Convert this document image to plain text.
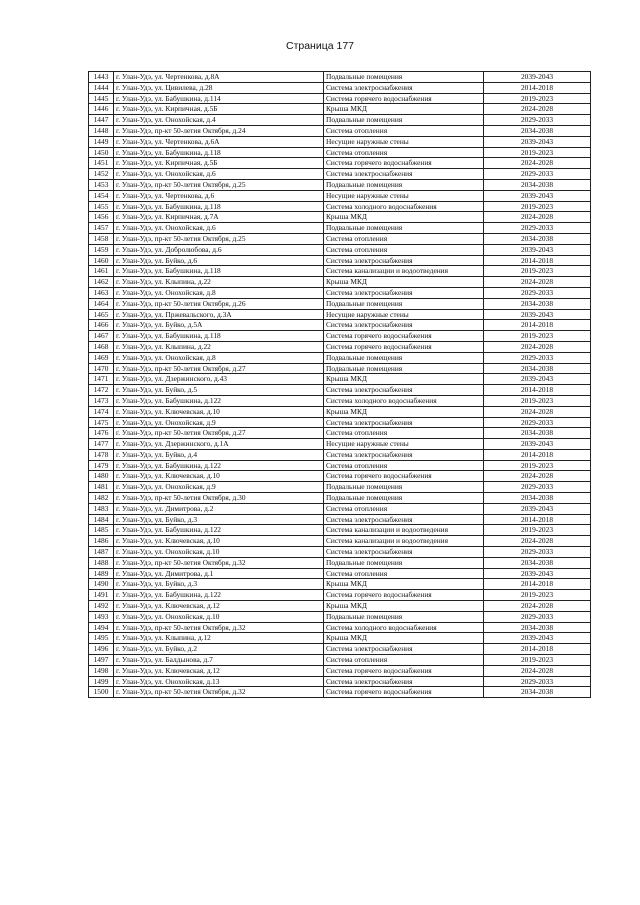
Страница 177
1443	г. Улан-Удэ, ул. Чертенкова, д.8А	Подвальные помещения	2039-2043
1444	г. Улан-Удэ, ул. Цивилева, д.28	Система электроснабжения	2014-2018
1445	г. Улан-Удэ, ул. Бабушкина, д.114	Система горячего водоснабжения	2019-2023
1446	г. Улан-Удэ, ул. Кирпичная, д.5Б	Крыша МКД	2024-2028
1447	г. Улан-Удэ, ул. Онохойская, д.4	Подвальные помещения	2029-2033
1448	г. Улан-Удэ, пр-кт 50-летия Октября, д.24	Система отопления	2034-2038
1449	г. Улан-Удэ, ул. Чертенкова, д.6А	Несущие наружные стены	2039-2043
1450	г. Улан-Удэ, ул. Бабушкина, д.118	Система отопления	2019-2023
1451	г. Улан-Удэ, ул. Кирпичная, д.5Б	Система горячего водоснабжения	2024-2028
1452	г. Улан-Удэ, ул. Онохойская, д.6	Система электроснабжения	2029-2033
1453	г. Улан-Удэ, пр-кт 50-летия Октября, д.25	Подвальные помещения	2034-2038
1454	г. Улан-Удэ, ул. Чертенкова, д.6	Несущие наружные стены	2039-2043
1455	г. Улан-Удэ, ул. Бабушкина, д.118	Система холодного водоснабжения	2019-2023
1456	г. Улан-Удэ, ул. Кирпичная, д.7А	Крыша МКД	2024-2028
1457	г. Улан-Удэ, ул. Онохойская, д.6	Подвальные помещения	2029-2033
1458	г. Улан-Удэ, пр-кт 50-летия Октября, д.25	Система отопления	2034-2038
1459	г. Улан-Удэ, ул. Добролюбова, д.6	Система отопления	2039-2043
1460	г. Улан-Удэ, ул. Буйко, д.6	Система электроснабжения	2014-2018
1461	г. Улан-Удэ, ул. Бабушкина, д.118	Система канализации и водоотведения	2019-2023
1462	г. Улан-Удэ, ул. Клыпина, д.22	Крыша МКД	2024-2028
1463	г. Улан-Удэ, ул. Онохойская, д.8	Система электроснабжения	2029-2033
1464	г. Улан-Удэ, пр-кт 50-летия Октября, д.26	Подвальные помещения	2034-2038
1465	г. Улан-Удэ, ул. Пржевальского, д.3А	Несущие наружные стены	2039-2043
1466	г. Улан-Удэ, ул. Буйко, д.5А	Система электроснабжения	2014-2018
1467	г. Улан-Удэ, ул. Бабушкина, д.118	Система горячего водоснабжения	2019-2023
1468	г. Улан-Удэ, ул. Клыпина, д.22	Система горячего водоснабжения	2024-2028
1469	г. Улан-Удэ, ул. Онохойская, д.8	Подвальные помещения	2029-2033
1470	г. Улан-Удэ, пр-кт 50-летия Октября, д.27	Подвальные помещения	2034-2038
1471	г. Улан-Удэ, ул. Дзержинского, д.43	Крыша МКД	2039-2043
1472	г. Улан-Удэ, ул. Буйко, д.5	Система электроснабжения	2014-2018
1473	г. Улан-Удэ, ул. Бабушкина, д.122	Система холодного водоснабжения	2019-2023
1474	г. Улан-Удэ, ул. Ключевская, д.10	Крыша МКД	2024-2028
1475	г. Улан-Удэ, ул. Онохойская, д.9	Система электроснабжения	2029-2033
1476	г. Улан-Удэ, пр-кт 50-летия Октября, д.27	Система отопления	2034-2038
1477	г. Улан-Удэ, ул. Дзержинского, д.1А	Несущие наружные стены	2039-2043
1478	г. Улан-Удэ, ул. Буйко, д.4	Система электроснабжения	2014-2018
1479	г. Улан-Удэ, ул. Бабушкина, д.122	Система отопления	2019-2023
1480	г. Улан-Удэ, ул. Ключевская, д.10	Система горячего водоснабжения	2024-2028
1481	г. Улан-Удэ, ул. Онохойская, д.9	Подвальные помещения	2029-2033
1482	г. Улан-Удэ, пр-кт 50-летия Октября, д.30	Подвальные помещения	2034-2038
1483	г. Улан-Удэ, ул. Димитрова, д.2	Система отопления	2039-2043
1484	г. Улан-Удэ, ул. Буйко, д.3	Система электроснабжения	2014-2018
1485	г. Улан-Удэ, ул. Бабушкина, д.122	Система канализации и водоотведения	2019-2023
1486	г. Улан-Удэ, ул. Ключевская, д.10	Система канализации и водоотведения	2024-2028
1487	г. Улан-Удэ, ул. Онохойская, д.10	Система электроснабжения	2029-2033
1488	г. Улан-Удэ, пр-кт 50-летия Октября, д.32	Подвальные помещения	2034-2038
1489	г. Улан-Удэ, ул. Димитрова, д.1	Система отопления	2039-2043
1490	г. Улан-Удэ, ул. Буйко, д.3	Крыша МКД	2014-2018
1491	г. Улан-Удэ, ул. Бабушкина, д.122	Система горячего водоснабжения	2019-2023
1492	г. Улан-Удэ, ул. Ключевская, д.12	Крыша МКД	2024-2028
1493	г. Улан-Удэ, ул. Онохойская, д.10	Подвальные помещения	2029-2033
1494	г. Улан-Удэ, пр-кт 50-летия Октября, д.32	Система холодного водоснабжения	2034-2038
1495	г. Улан-Удэ, ул. Клыпина, д.12	Крыша МКД	2039-2043
1496	г. Улан-Удэ, ул. Буйко, д.2	Система электроснабжения	2014-2018
1497	г. Улан-Удэ, ул. Балдынова, д.7	Система отопления	2019-2023
1498	г. Улан-Удэ, ул. Ключевская, д.12	Система горячего водоснабжения	2024-2028
1499	г. Улан-Удэ, ул. Онохойская, д.13	Система электроснабжения	2029-2033
1500	г. Улан-Удэ, пр-кт 50-летия Октября, д.32	Система горячего водоснабжения	2034-2038
